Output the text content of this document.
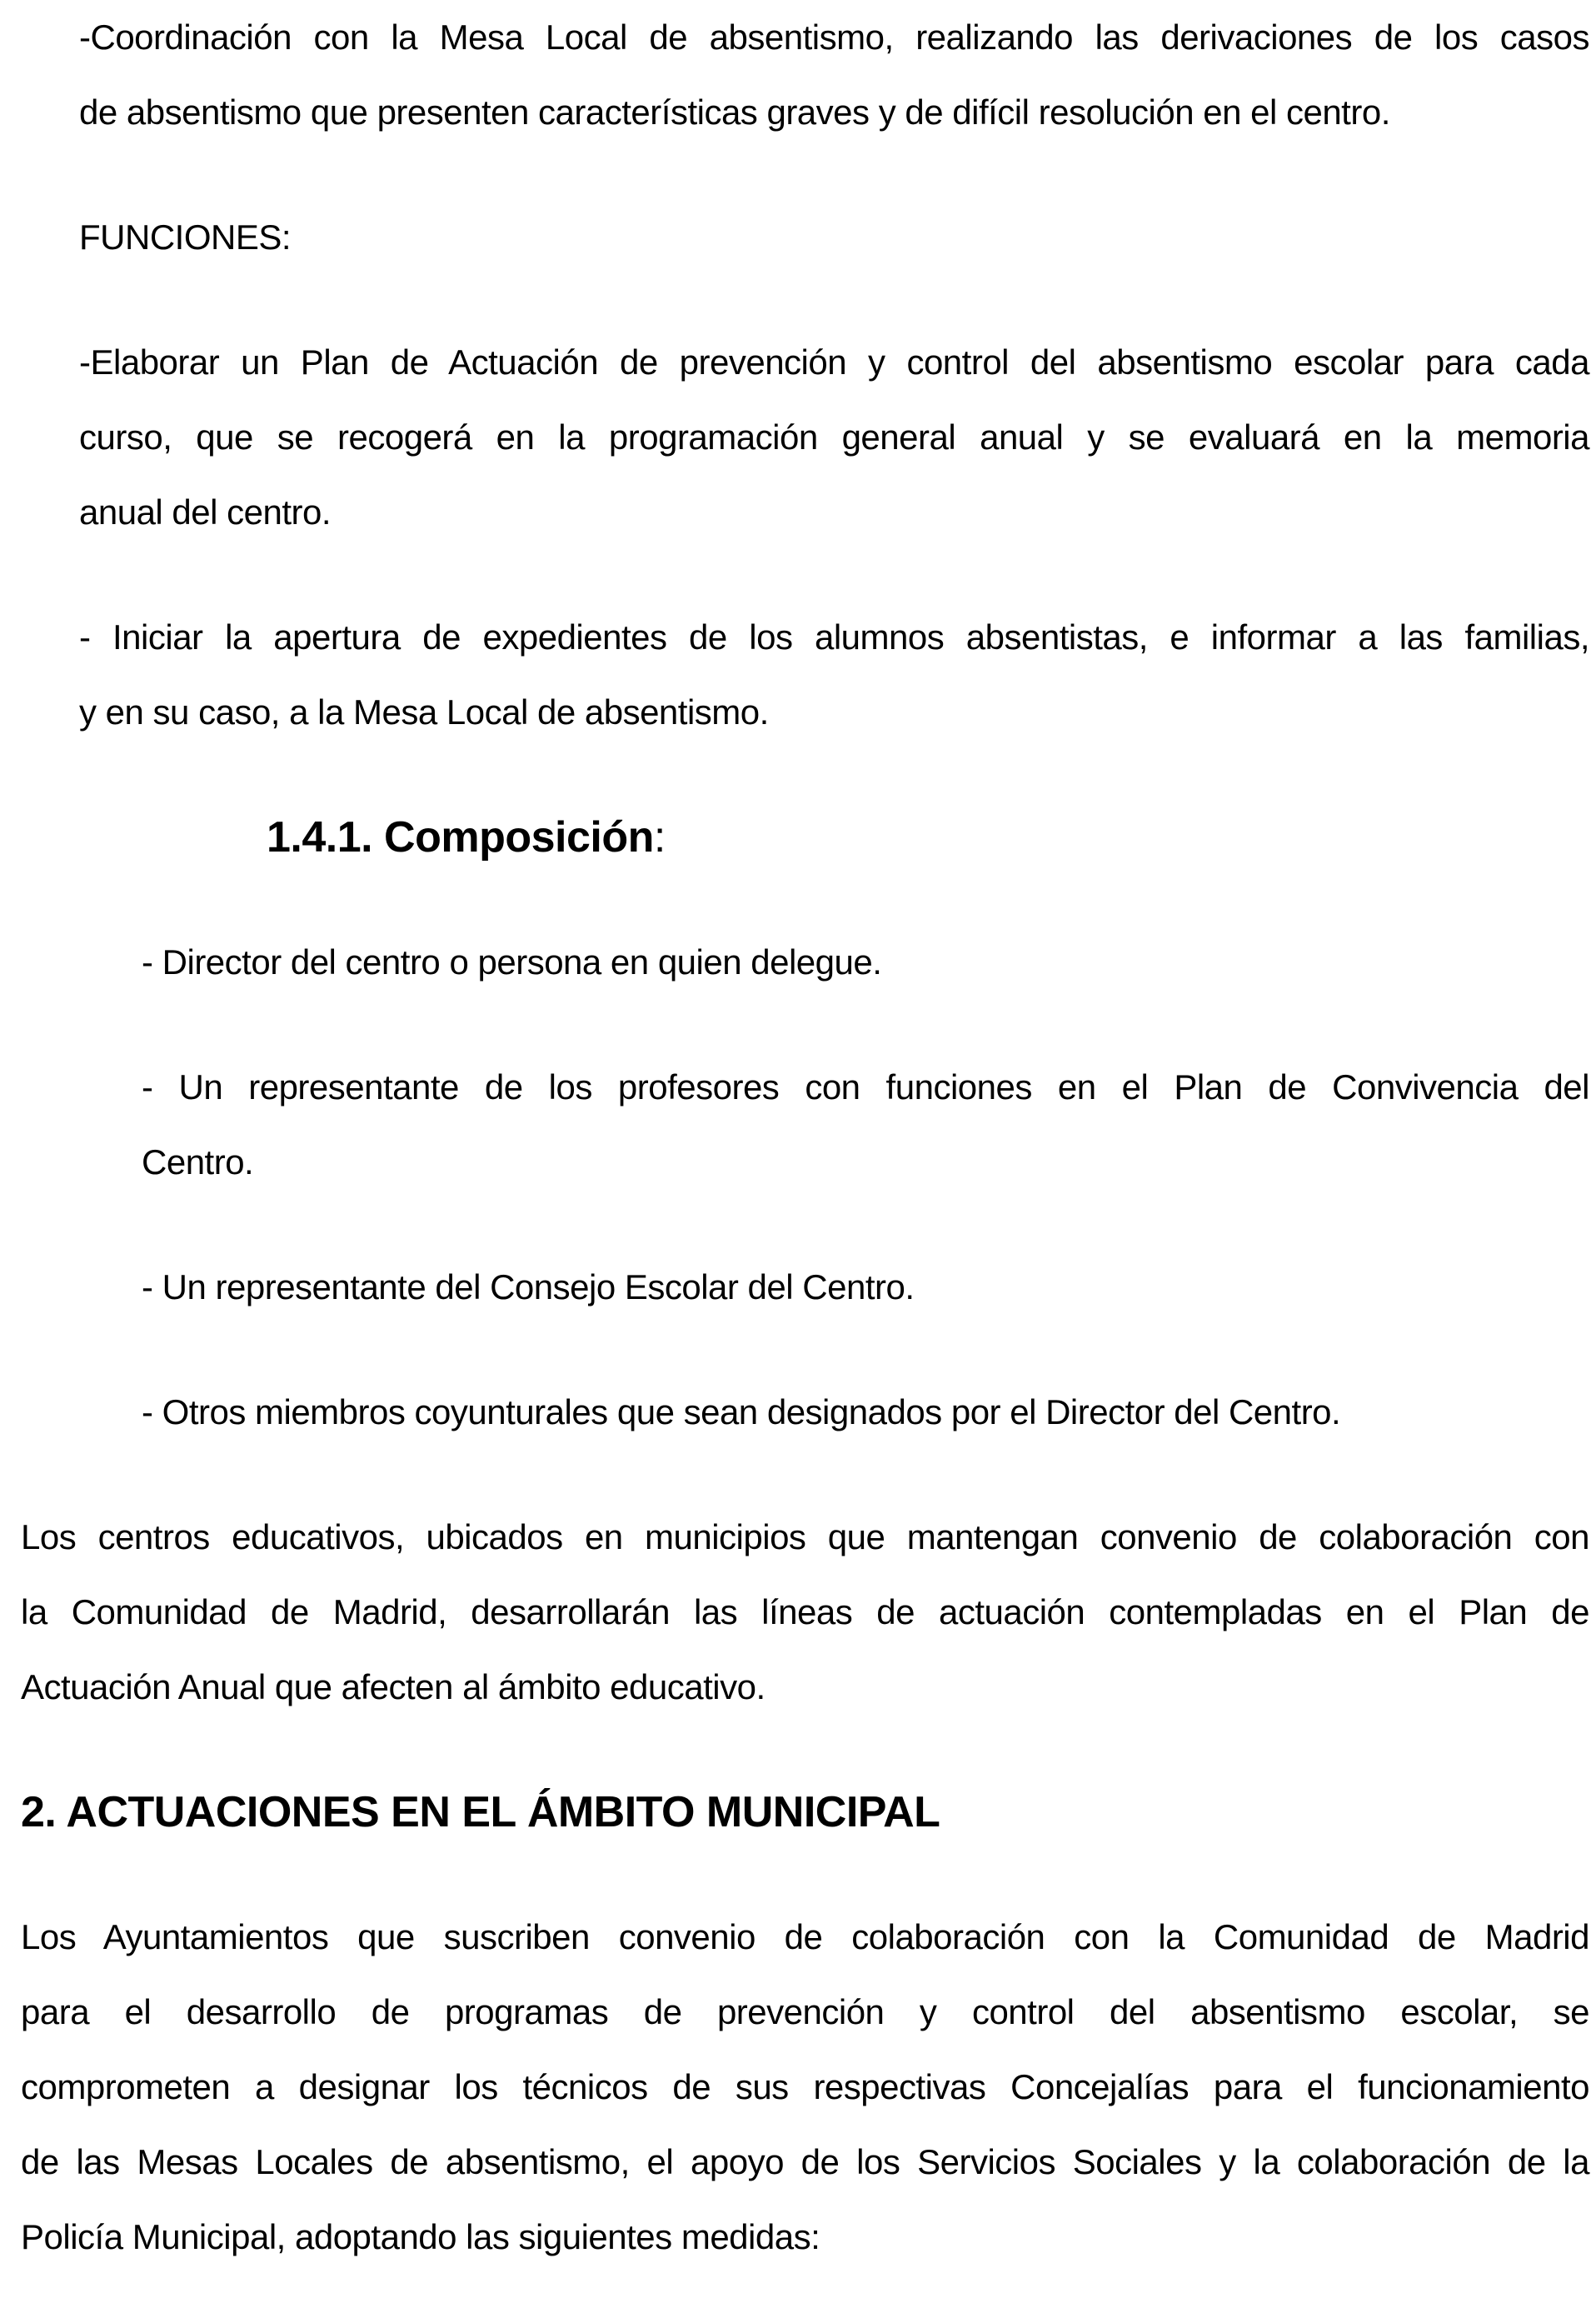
-Coordinación con la Mesa Local de absentismo, realizando las derivaciones de los casos
de absentismo que presenten características graves y de difícil resolución en el centro.
FUNCIONES:
-Elaborar un Plan de Actuación de prevención y control del absentismo escolar para cada
curso, que se recogerá en la programación general anual y se evaluará en la memoria
anual del centro.
- Iniciar la apertura de expedientes de los alumnos absentistas, e informar a las familias,
y en su caso, a la Mesa Local de absentismo.
1.4.1. Composición:
- Director del centro o persona en quien delegue.
- Un representante de los profesores con funciones en el Plan de Convivencia del
Centro.
- Un representante del Consejo Escolar del Centro.
- Otros miembros coyunturales que sean designados por el Director del Centro.
Los centros educativos, ubicados en municipios que mantengan convenio de colaboración con
la Comunidad de Madrid, desarrollarán las líneas de actuación contempladas en el Plan de
Actuación Anual que afecten al ámbito educativo.
2. ACTUACIONES EN EL ÁMBITO MUNICIPAL
Los Ayuntamientos que suscriben convenio de colaboración con la Comunidad de Madrid
para el desarrollo de programas de prevención y control del absentismo escolar, se
comprometen a designar los técnicos de sus respectivas Concejalías para el funcionamiento
de las Mesas Locales de absentismo, el apoyo de los Servicios Sociales y la colaboración de la
Policía Municipal, adoptando las siguientes medidas:
